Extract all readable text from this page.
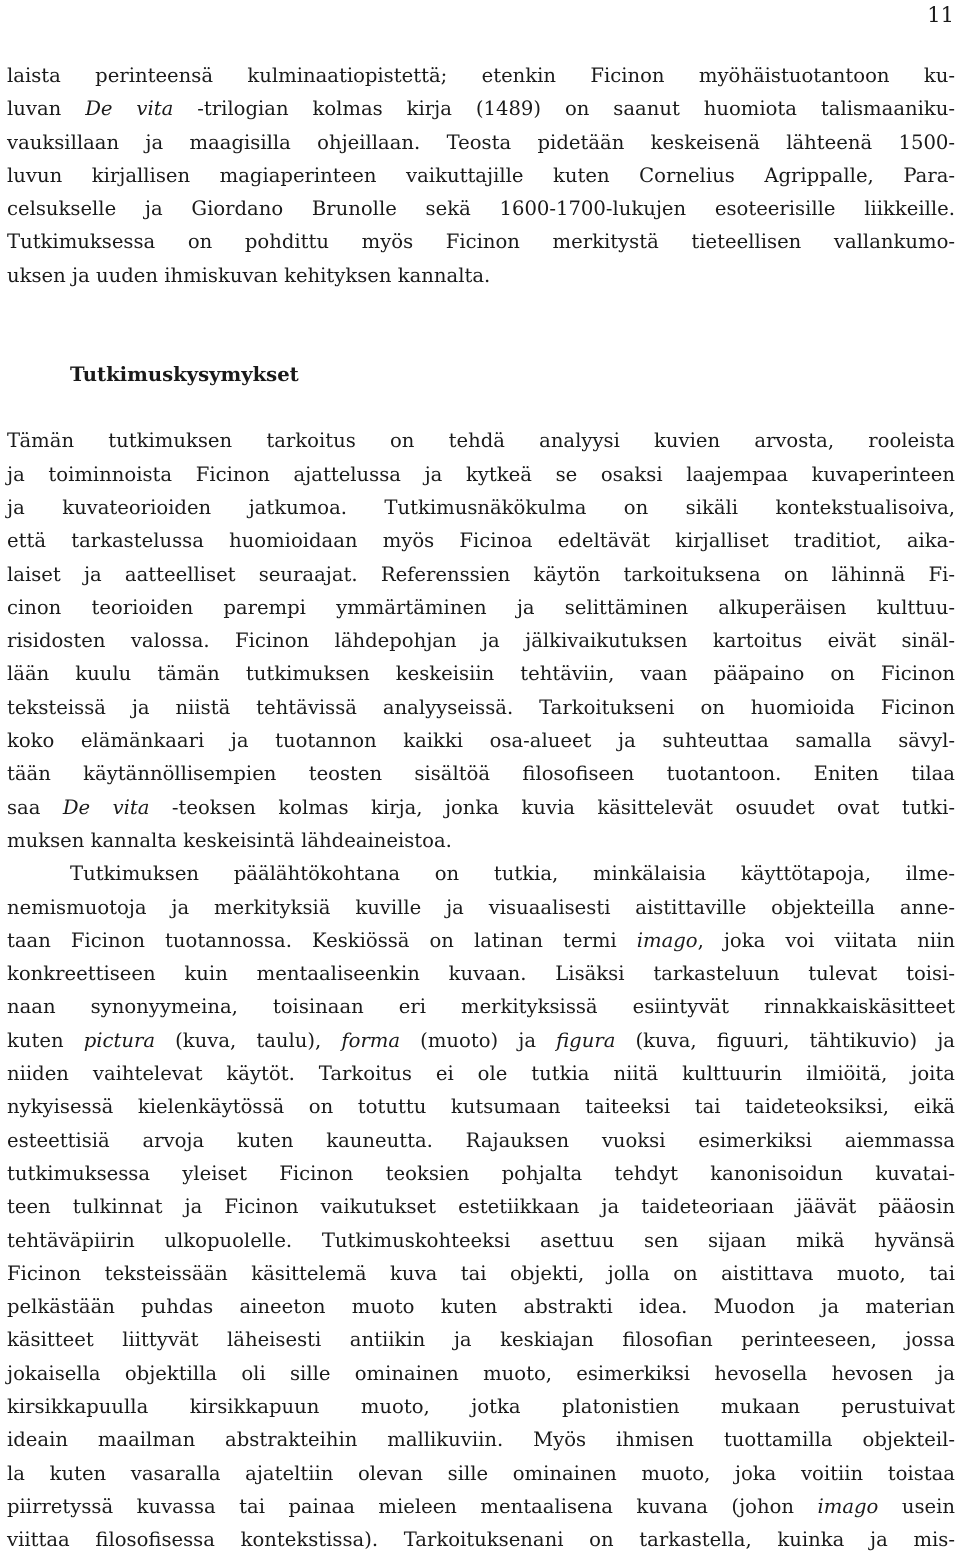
11
laista perinteensä kulminaatiopistettä; etenkin Ficinon myöhäistuotantoon ku-
luvan De vita -trilogian kolmas kirja (1489) on saanut huomiota talismaaniku-
vauksillaan ja maagisilla ohjeillaan. Teosta pidetään keskeisenä lähteenä 1500-
luvun kirjallisen magiaperinteen vaikuttajille kuten Cornelius Agrippalle, Para-
celsukselle ja Giordano Brunolle sekä 1600-1700-lukujen esoteerisille liikkeille.
Tutkimuksessa on pohdittu myös Ficinon merkitystä tieteellisen vallankumo-
uksen ja uuden ihmiskuvan kehityksen kannalta.
Tutkimuskysymykset
Tämän tutkimuksen tarkoitus on tehdä analyysi kuvien arvosta, rooleista
ja toiminnoista Ficinon ajattelussa ja kytkeä se osaksi laajempaa kuvaperinteen
ja kuvateorioiden jatkumoa. Tutkimusnäkökulma on sikäli kontekstualisoiva,
että tarkastelussa huomioidaan myös Ficinoa edeltävät kirjalliset traditiot, aika-
laiset ja aatteelliset seuraajat. Referenssien käytön tarkoituksena on lähinnä Fi-
cinon teorioiden parempi ymmärtäminen ja selittäminen alkuperäisen kulttuu-
risidosten valossa. Ficinon lähdepohjan ja jälkivaikutuksen kartoitus eivät sinäl-
lään kuulu tämän tutkimuksen keskeisiin tehtäviin, vaan pääpaino on Ficinon
teksteissä ja niistä tehtävissä analyyseissä. Tarkoitukseni on huomioida Ficinon
koko elämänkaari ja tuotannon kaikki osa-alueet ja suhteuttaa samalla sävyl-
tään käytännöllisempien teosten sisältöä filosofiseen tuotantoon. Eniten tilaa
saa De vita -teoksen kolmas kirja, jonka kuvia käsittelevät osuudet ovat tutki-
muksen kannalta keskeisintä lähdeaineistoa.
Tutkimuksen päälähtökohtana on tutkia, minkälaisia käyttötapoja, ilme-
nemismuotoja ja merkityksiä kuville ja visuaalisesti aistittaville objekteilla anne-
taan Ficinon tuotannossa. Keskiössä on latinan termi imago, joka voi viitata niin
konkreettiseen kuin mentaaliseenkin kuvaan. Lisäksi tarkasteluun tulevat toisi-
naan synonyymeina, toisinaan eri merkityksissä esiintyvät rinnakkaiskäsitteet
kuten pictura (kuva, taulu), forma (muoto) ja figura (kuva, figuuri, tähtikuvio) ja
niiden vaihtelevat käytöt. Tarkoitus ei ole tutkia niitä kulttuurin ilmiöitä, joita
nykyisessä kielenkäytössä on totuttu kutsumaan taiteeksi tai taideteoksiksi, eikä
esteettisiä arvoja kuten kauneutta. Rajauksen vuoksi esimerkiksi aiemmassa
tutkimuksessa yleiset Ficinon teoksien pohjalta tehdyt kanonisoidun kuvatai-
teen tulkinnat ja Ficinon vaikutukset estetiikkaan ja taideteoriaan jäävät pääosin
tehtäväpiirin ulkopuolelle. Tutkimuskohteeksi asettuu sen sijaan mikä hyvänsä
Ficinon teksteissään käsittelemä kuva tai objekti, jolla on aistittava muoto, tai
pelkästään puhdas aineeton muoto kuten abstrakti idea. Muodon ja materian
käsitteet liittyvät läheisesti antiikin ja keskiajan filosofian perinteeseen, jossa
jokaisella objektilla oli sille ominainen muoto, esimerkiksi hevosella hevosen ja
kirsikkapuulla kirsikkapuun muoto, jotka platonistien mukaan perustuivat
ideain maailman abstrakteihin mallikuviin. Myös ihmisen tuottamilla objekteil-
la kuten vasaralla ajateltiin olevan sille ominainen muoto, joka voitiin toistaa
piirretyssä kuvassa tai painaa mieleen mentaalisena kuvana (johon imago usein
viittaa filosofisessa kontekstissa). Tarkoituksenani on tarkastella, kuinka ja mis-
